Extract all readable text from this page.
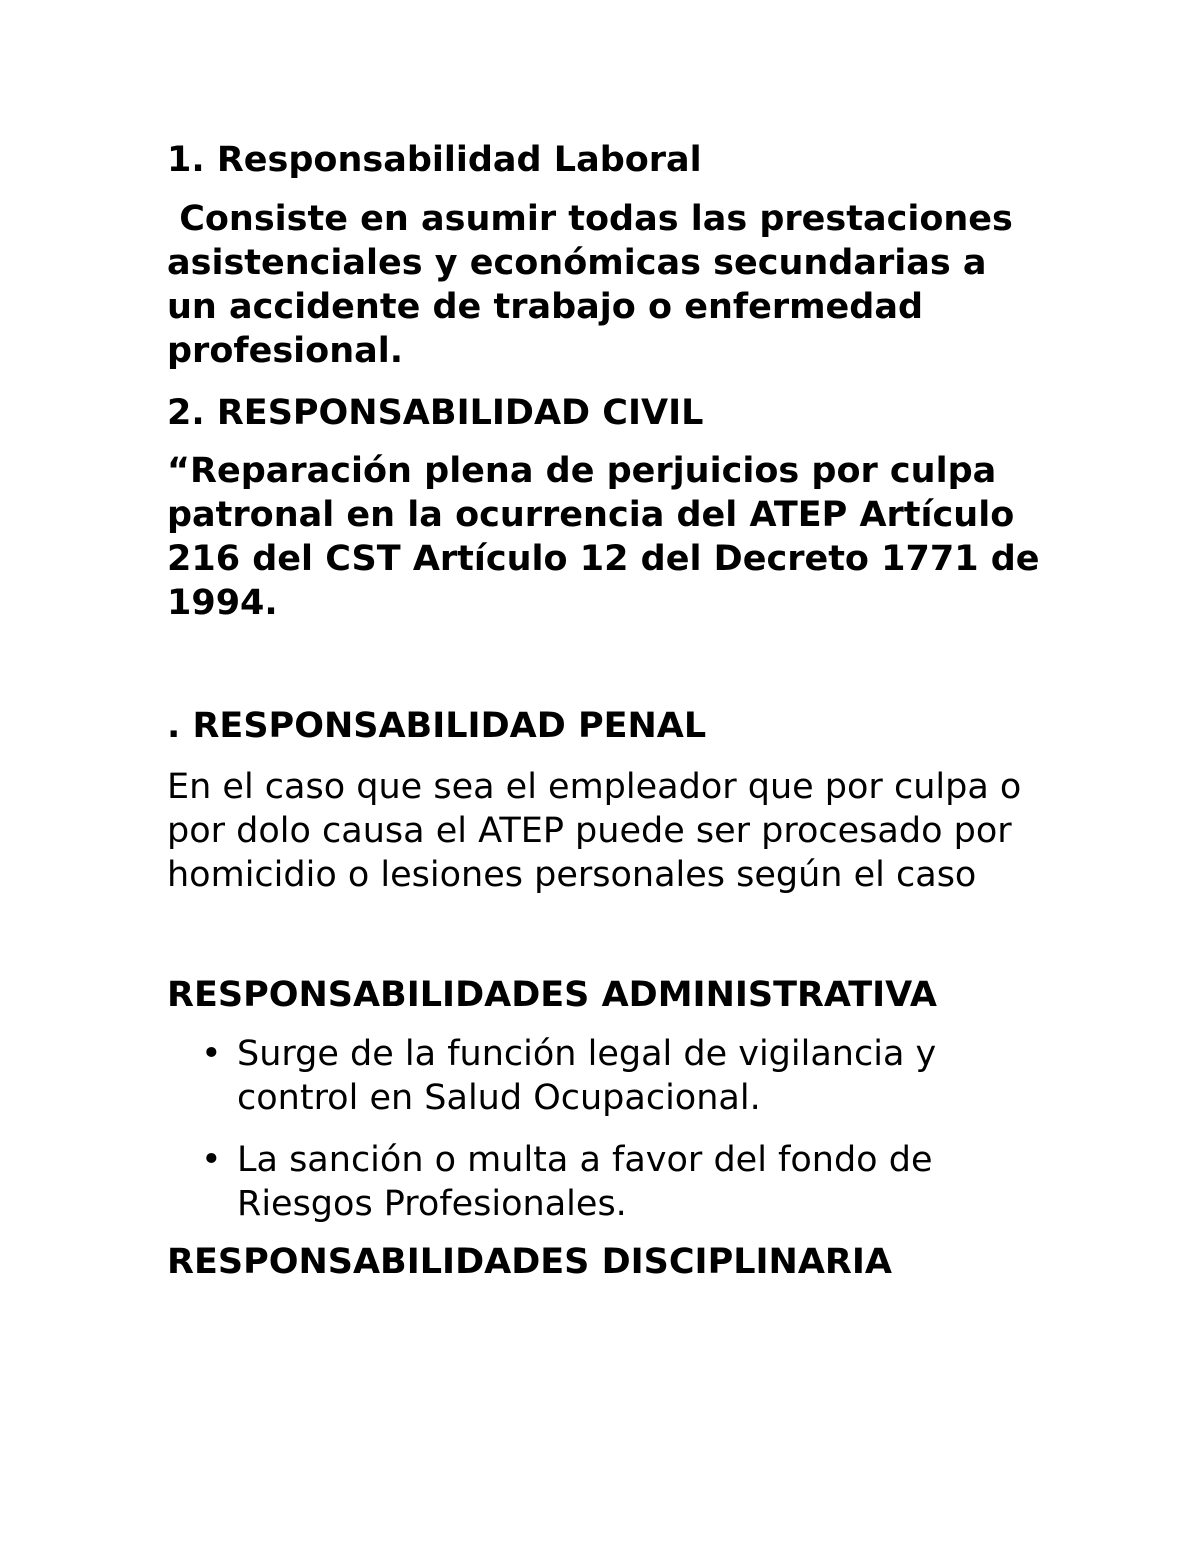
1. Responsabilidad Laboral

Consiste en asumir todas las prestaciones asistenciales y económicas secundarias a un accidente de trabajo o enfermedad profesional.

2. RESPONSABILIDAD CIVIL

“Reparación plena de perjuicios por culpa patronal en la ocurrencia del ATEP Artículo 216 del CST Artículo 12 del Decreto 1771 de 1994.

. RESPONSABILIDAD PENAL

En el caso que sea el empleador que por culpa o por dolo causa el ATEP puede ser procesado por homicidio o lesiones personales según el caso

RESPONSABILIDADES ADMINISTRATIVA

• Surge de la función legal de vigilancia y control en Salud Ocupacional.
• La sanción o multa a favor del fondo de Riesgos Profesionales.

RESPONSABILIDADES DISCIPLINARIA
